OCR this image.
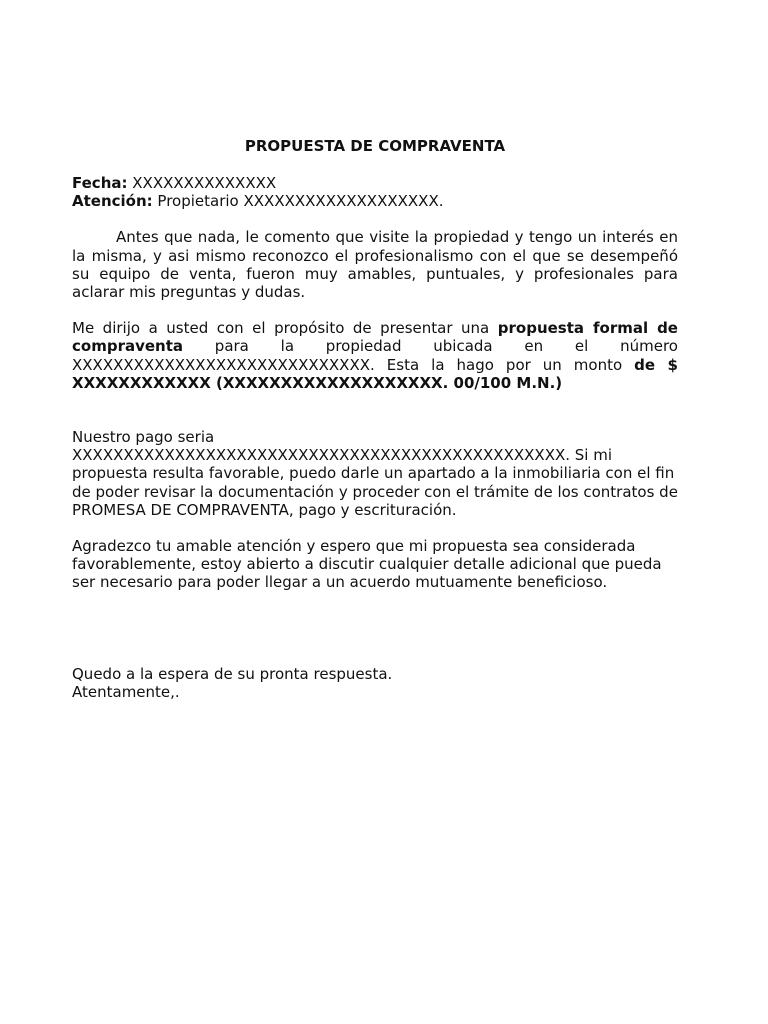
PROPUESTA DE COMPRAVENTA

Fecha: XXXXXXXXXXXXXX

Atención: Propietario XXXXXXXXXXXXXXXXXXX.

Antes que nada, le comento que visite la propiedad y tengo un interés en la misma, y asi mismo reconozco el profesionalismo con el que se desempeñó su equipo de venta, fueron muy amables, puntuales, y profesionales para aclarar mis preguntas y dudas.

Me dirijo a usted con el propósito de presentar una propuesta formal de compraventa para la propiedad ubicada en el número XXXXXXXXXXXXXXXXXXXXXXXXXXXXX. Esta la hago por un monto de $ XXXXXXXXXXXX (XXXXXXXXXXXXXXXXXXX. 00/100 M.N.)

Nuestro pago seria

XXXXXXXXXXXXXXXXXXXXXXXXXXXXXXXXXXXXXXXXXXXXXXXX. Si mi

propuesta resulta favorable, puedo darle un apartado a la inmobiliaria con el fin de poder revisar la documentación y proceder con el trámite de los contratos de PROMESA DE COMPRAVENTA, pago y escrituración.

Agradezco tu amable atención y espero que mi propuesta sea considerada favorablemente, estoy abierto a discutir cualquier detalle adicional que pueda ser necesario para poder llegar a un acuerdo mutuamente beneficioso.

Quedo a la espera de su pronta respuesta.

Atentamente,.
